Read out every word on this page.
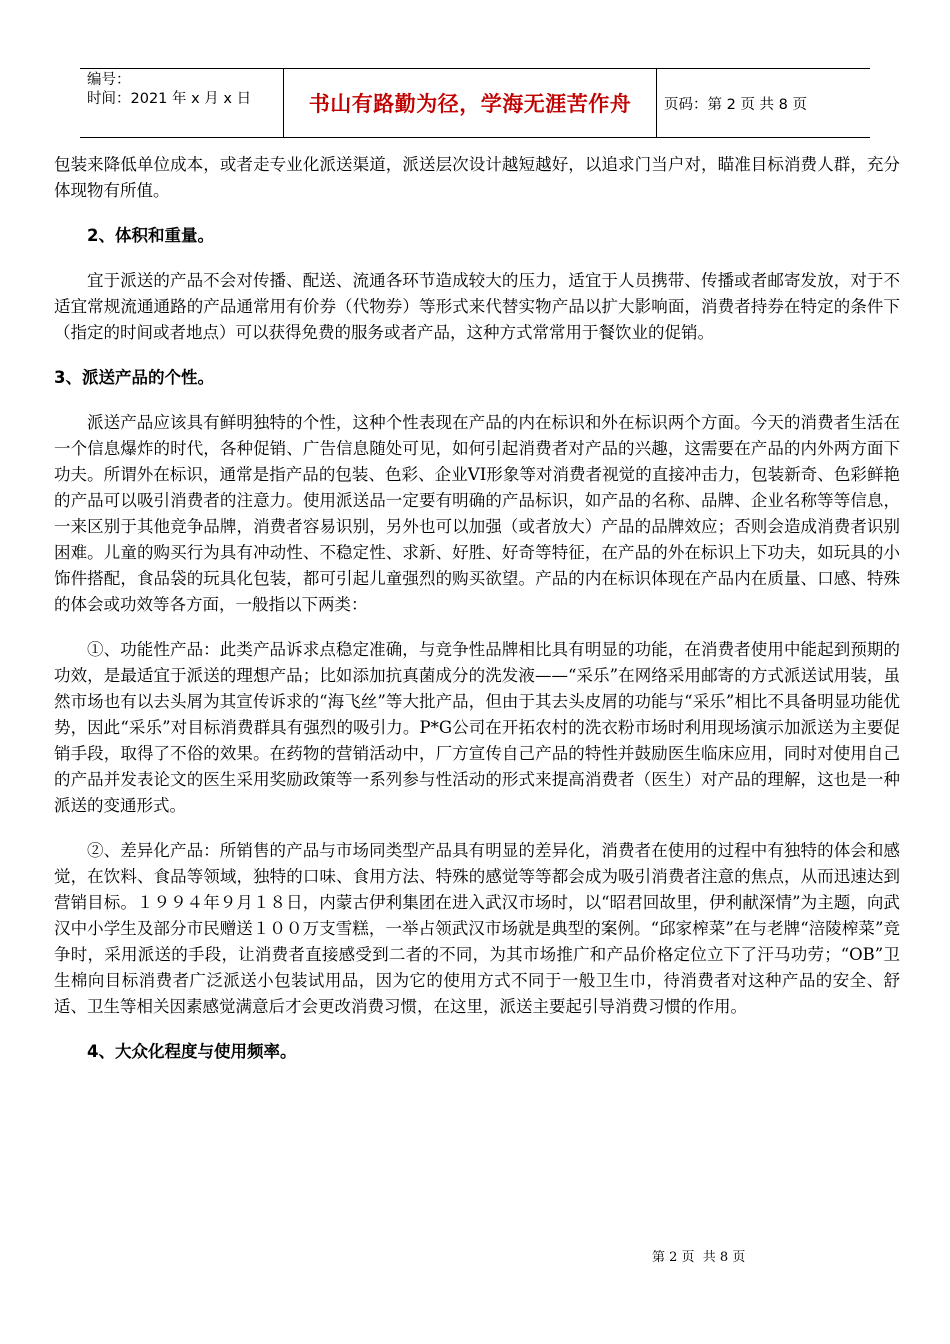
编号：
时间：2021 年 x 月 x 日	书山有路勤为径，学海无涯苦作舟	页码：第 2 页 共 8 页

包装来降低单位成本，或者走专业化派送渠道，派送层次设计越短越好，以追求门当户对，瞄准目标消费人群，充分体现物有所值。

2、体积和重量。

宜于派送的产品不会对传播、配送、流通各环节造成较大的压力，适宜于人员携带、传播或者邮寄发放，对于不适宜常规流通通路的产品通常用有价券（代物券）等形式来代替实物产品以扩大影响面，消费者持券在特定的条件下（指定的时间或者地点）可以获得免费的服务或者产品，这种方式常常用于餐饮业的促销。

3、派送产品的个性。

派送产品应该具有鲜明独特的个性，这种个性表现在产品的内在标识和外在标识两个方面。今天的消费者生活在一个信息爆炸的时代，各种促销、广告信息随处可见，如何引起消费者对产品的兴趣，这需要在产品的内外两方面下功夫。所谓外在标识，通常是指产品的包装、色彩、企业VI形象等对消费者视觉的直接冲击力，包装新奇、色彩鲜艳的产品可以吸引消费者的注意力。使用派送品一定要有明确的产品标识，如产品的名称、品牌、企业名称等等信息，一来区别于其他竞争品牌，消费者容易识别，另外也可以加强（或者放大）产品的品牌效应；否则会造成消费者识别困难。儿童的购买行为具有冲动性、不稳定性、求新、好胜、好奇等特征，在产品的外在标识上下功夫，如玩具的小饰件搭配，食品袋的玩具化包装，都可引起儿童强烈的购买欲望。产品的内在标识体现在产品内在质量、口感、特殊的体会或功效等各方面，一般指以下两类：

①、功能性产品：此类产品诉求点稳定准确，与竞争性品牌相比具有明显的功能，在消费者使用中能起到预期的功效，是最适宜于派送的理想产品；比如添加抗真菌成分的洗发液——“采乐”在网络采用邮寄的方式派送试用装，虽然市场也有以去头屑为其宣传诉求的“海飞丝”等大批产品，但由于其去头皮屑的功能与“采乐”相比不具备明显功能优势，因此“采乐”对目标消费群具有强烈的吸引力。P*G公司在开拓农村的洗衣粉市场时利用现场演示加派送为主要促销手段，取得了不俗的效果。在药物的营销活动中，厂方宣传自己产品的特性并鼓励医生临床应用，同时对使用自己的产品并发表论文的医生采用奖励政策等一系列参与性活动的形式来提高消费者（医生）对产品的理解，这也是一种派送的变通形式。

②、差异化产品：所销售的产品与市场同类型产品具有明显的差异化，消费者在使用的过程中有独特的体会和感觉，在饮料、食品等领域，独特的口味、食用方法、特殊的感觉等等都会成为吸引消费者注意的焦点，从而迅速达到营销目标。１９９４年９月１８日，内蒙古伊利集团在进入武汉市场时，以“昭君回故里，伊利献深情”为主题，向武汉中小学生及部分市民赠送１００万支雪糕，一举占领武汉市场就是典型的案例。“邱家榨菜”在与老牌“涪陵榨菜”竞争时，采用派送的手段，让消费者直接感受到二者的不同，为其市场推广和产品价格定位立下了汗马功劳；“OB”卫生棉向目标消费者广泛派送小包装试用品，因为它的使用方式不同于一般卫生巾，待消费者对这种产品的安全、舒适、卫生等相关因素感觉满意后才会更改消费习惯，在这里，派送主要起引导消费习惯的作用。

4、大众化程度与使用频率。

第 2 页  共 8 页
